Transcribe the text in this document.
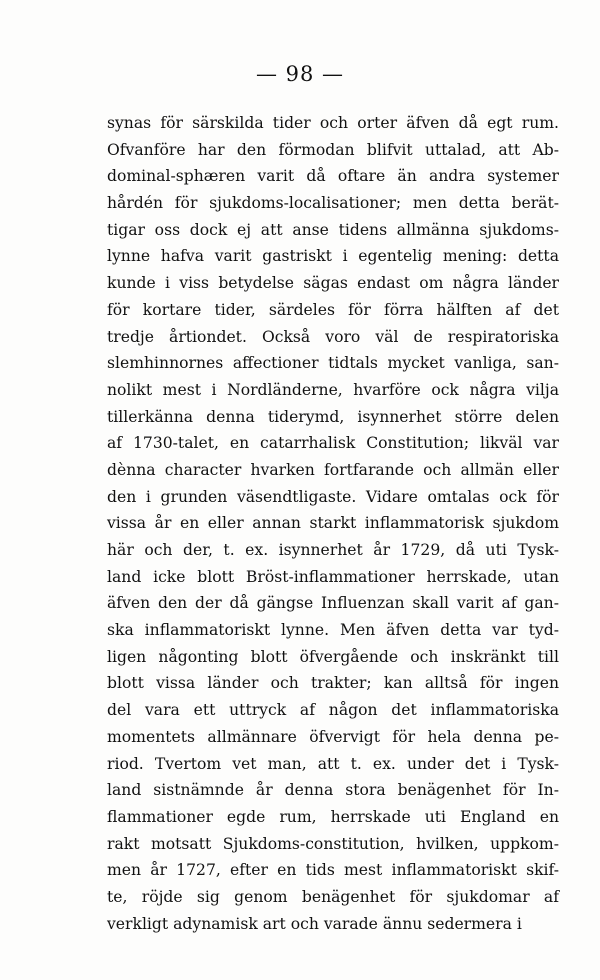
— 98 —
synas för särskilda tider och orter äfven då egt rum.
Ofvanföre har den förmodan blifvit uttalad, att Ab-
dominal-sphæren varit då oftare än andra systemer
hårdén för sjukdoms-localisationer; men detta berät-
tigar oss dock ej att anse tidens allmänna sjukdoms-
lynne hafva varit gastriskt i egentelig mening: detta
kunde i viss betydelse sägas endast om några länder
för kortare tider, särdeles för förra hälften af det
tredje årtiondet. Också voro väl de respiratoriska
slemhinnornes affectioner tidtals mycket vanliga, san-
nolikt mest i Nordländerne, hvarföre ock några vilja
tillerkänna denna tiderymd, isynnerhet större delen
af 1730-talet, en catarrhalisk Constitution; likväl var
dènna character hvarken fortfarande och allmän eller
den i grunden väsendtligaste. Vidare omtalas ock för
vissa år en eller annan starkt inflammatorisk sjukdom
här och der, t. ex. isynnerhet år 1729, då uti Tysk-
land icke blott Bröst-inflammationer herrskade, utan
äfven den der då gängse Influenzan skall varit af gan-
ska inflammatoriskt lynne. Men äfven detta var tyd-
ligen någonting blott öfvergående och inskränkt till
blott vissa länder och trakter; kan alltså för ingen
del vara ett uttryck af någon det inflammatoriska
momentets allmännare öfvervigt för hela denna pe-
riod. Tvertom vet man, att t. ex. under det i Tysk-
land sistnämnde år denna stora benägenhet för In-
flammationer egde rum, herrskade uti England en
rakt motsatt Sjukdoms-constitution, hvilken, uppkom-
men år 1727, efter en tids mest inflammatoriskt skif-
te, röjde sig genom benägenhet för sjukdomar af
verkligt adynamisk art och varade ännu sedermera i
